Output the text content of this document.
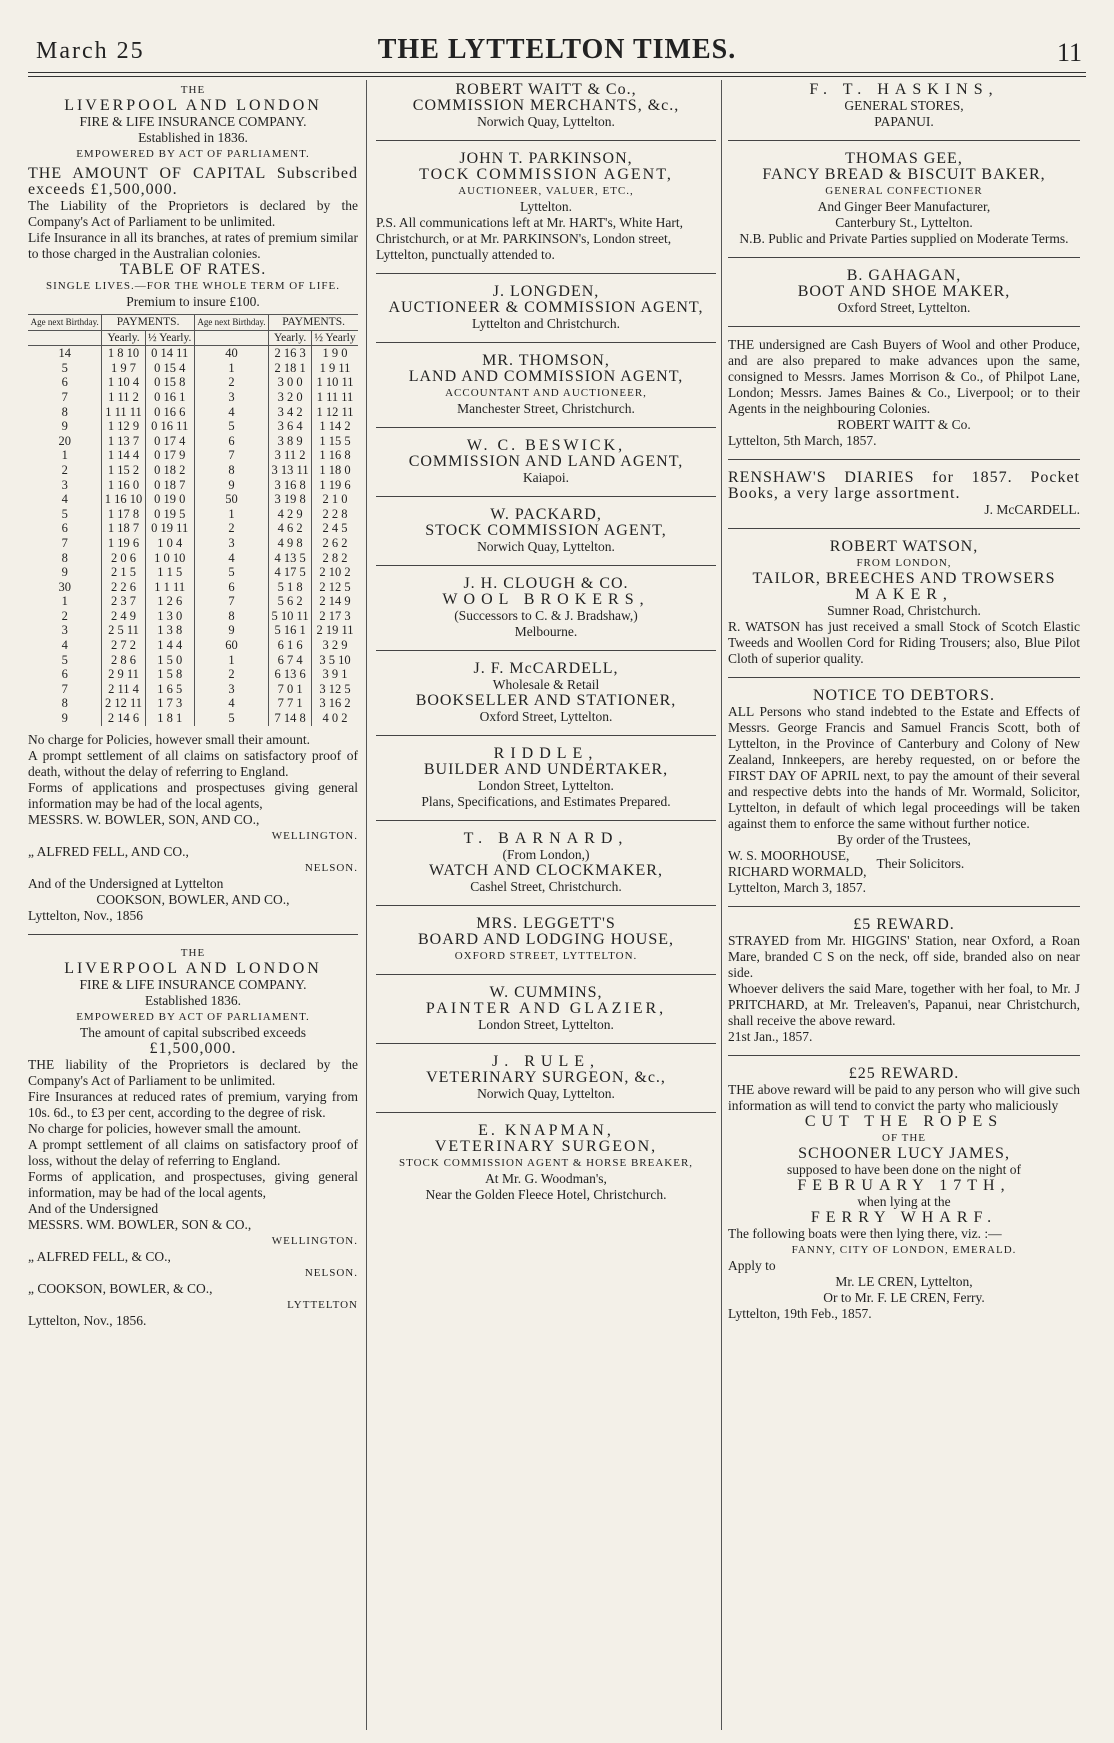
March 25	THE LYTTELTON TIMES.	11

THE

LIVERPOOL AND LONDON

FIRE & LIFE INSURANCE COMPANY.

Established in 1836.

EMPOWERED BY ACT OF PARLIAMENT.

THE AMOUNT OF CAPITAL Subscribed exceeds £1,500,000.

The Liability of the Proprietors is declared by the Company's Act of Parliament to be unlimited.

Life Insurance in all its branches, at rates of premium similar to those charged in the Australian colonies.

TABLE OF RATES.

SINGLE LIVES.—FOR THE WHOLE TERM OF LIFE.

Premium to insure £100.

Age next Birthday.	PAYMENTS.		Age next Birthday.	PAYMENTS.	
	Yearly.	½ Yearly.		Yearly.	½ Yearly
14	1 8 10	0 14 11	40	2 16 3	1 9 0
5	1 9 7	0 15 4	1	2 18 1	1 9 11
6	1 10 4	0 15 8	2	3 0 0	1 10 11
7	1 11 2	0 16 1	3	3 2 0	1 11 11
8	1 11 11	0 16 6	4	3 4 2	1 12 11
9	1 12 9	0 16 11	5	3 6 4	1 14 2
20	1 13 7	0 17 4	6	3 8 9	1 15 5
1	1 14 4	0 17 9	7	3 11 2	1 16 8
2	1 15 2	0 18 2	8	3 13 11	1 18 0
3	1 16 0	0 18 7	9	3 16 8	1 19 6
4	1 16 10	0 19 0	50	3 19 8	2 1 0
5	1 17 8	0 19 5	1	4 2 9	2 2 8
6	1 18 7	0 19 11	2	4 6 2	2 4 5
7	1 19 6	1 0 4	3	4 9 8	2 6 2
8	2 0 6	1 0 10	4	4 13 5	2 8 2
9	2 1 5	1 1 5	5	4 17 5	2 10 2
30	2 2 6	1 1 11	6	5 1 8	2 12 5
1	2 3 7	1 2 6	7	5 6 2	2 14 9
2	2 4 9	1 3 0	8	5 10 11	2 17 3
3	2 5 11	1 3 8	9	5 16 1	2 19 11
4	2 7 2	1 4 4	60	6 1 6	3 2 9
5	2 8 6	1 5 0	1	6 7 4	3 5 10
6	2 9 11	1 5 8	2	6 13 6	3 9 1
7	2 11 4	1 6 5	3	7 0 1	3 12 5
8	2 12 11	1 7 3	4	7 7 1	3 16 2
9	2 14 6	1 8 1	5	7 14 8	4 0 2

No charge for Policies, however small their amount.

A prompt settlement of all claims on satisfactory proof of death, without the delay of referring to England.

Forms of applications and prospectuses giving general information may be had of the local agents,

MESSRS. W. BOWLER, SON, AND CO.,

WELLINGTON.

„ ALFRED FELL, AND CO.,

NELSON.

And of the Undersigned at Lyttelton

COOKSON, BOWLER, AND CO.,

Lyttelton, Nov., 1856

THE

LIVERPOOL AND LONDON

FIRE & LIFE INSURANCE COMPANY.

Established 1836.

EMPOWERED BY ACT OF PARLIAMENT.

The amount of capital subscribed exceeds

£1,500,000.

THE liability of the Proprietors is declared by the Company's Act of Parliament to be unlimited.

Fire Insurances at reduced rates of premium, varying from 10s. 6d., to £3 per cent, according to the degree of risk.

No charge for policies, however small the amount.

A prompt settlement of all claims on satisfactory proof of loss, without the delay of referring to England.

Forms of application, and prospectuses, giving general information, may be had of the local agents,

And of the Undersigned

MESSRS. WM. BOWLER, SON & CO.,

WELLINGTON.

„ ALFRED FELL, & CO.,

NELSON.

„ COOKSON, BOWLER, & CO.,

LYTTELTON

Lyttelton, Nov., 1856.

ROBERT WAITT & Co.,

COMMISSION MERCHANTS, &c.,

Norwich Quay, Lyttelton.

JOHN T. PARKINSON,

TOCK COMMISSION AGENT,

AUCTIONEER, VALUER, ETC.,

Lyttelton.

P.S. All communications left at Mr. HART's, White Hart, Christchurch, or at Mr. PARKINSON's, London street, Lyttelton, punctually attended to.

J. LONGDEN,

AUCTIONEER & COMMISSION AGENT,

Lyttelton and Christchurch.

MR. THOMSON,

LAND AND COMMISSION AGENT,

ACCOUNTANT AND AUCTIONEER,

Manchester Street, Christchurch.

W. C. BESWICK,

COMMISSION AND LAND AGENT,

Kaiapoi.

W. PACKARD,

STOCK COMMISSION AGENT,

Norwich Quay, Lyttelton.

J. H. CLOUGH & CO.

WOOL BROKERS,

(Successors to C. & J. Bradshaw,)

Melbourne.

J. F. McCARDELL,

Wholesale & Retail

BOOKSELLER AND STATIONER,

Oxford Street, Lyttelton.

RIDDLE,

BUILDER AND UNDERTAKER,

London Street, Lyttelton.

Plans, Specifications, and Estimates Prepared.

T. BARNARD,

(From London,)

WATCH AND CLOCKMAKER,

Cashel Street, Christchurch.

MRS. LEGGETT'S

BOARD AND LODGING HOUSE,

OXFORD STREET, LYTTELTON.

W. CUMMINS,

PAINTER AND GLAZIER,

London Street, Lyttelton.

J. RULE,

VETERINARY SURGEON, &c.,

Norwich Quay, Lyttelton.

E. KNAPMAN,

VETERINARY SURGEON,

STOCK COMMISSION AGENT & HORSE BREAKER,

At Mr. G. Woodman's,

Near the Golden Fleece Hotel, Christchurch.

F. T. HASKINS,

GENERAL STORES,

PAPANUI.

THOMAS GEE,

FANCY BREAD & BISCUIT BAKER,

GENERAL CONFECTIONER

And Ginger Beer Manufacturer,

Canterbury St., Lyttelton.

N.B. Public and Private Parties supplied on Moderate Terms.

B. GAHAGAN,

BOOT AND SHOE MAKER,

Oxford Street, Lyttelton.

THE undersigned are Cash Buyers of Wool and other Produce, and are also prepared to make advances upon the same, consigned to Messrs. James Morrison & Co., of Philpot Lane, London; Messrs. James Baines & Co., Liverpool; or to their Agents in the neighbouring Colonies.

ROBERT WAITT & Co.

Lyttelton, 5th March, 1857.

RENSHAW'S DIARIES for 1857. Pocket Books, a very large assortment.

J. McCARDELL.

ROBERT WATSON,

FROM LONDON,

TAILOR, BREECHES AND TROWSERS

MAKER,

Sumner Road, Christchurch.

R. WATSON has just received a small Stock of Scotch Elastic Tweeds and Woollen Cord for Riding Trousers; also, Blue Pilot Cloth of superior quality.

NOTICE TO DEBTORS.

ALL Persons who stand indebted to the Estate and Effects of Messrs. George Francis and Samuel Francis Scott, both of Lyttelton, in the Province of Canterbury and Colony of New Zealand, Innkeepers, are hereby requested, on or before the FIRST DAY OF APRIL next, to pay the amount of their several and respective debts into the hands of Mr. Wormald, Solicitor, Lyttelton, in default of which legal proceedings will be taken against them to enforce the same without further notice.

By order of the Trustees,

W. S. MOORHOUSE,

RICHARD WORMALD,

Their Solicitors.

Lyttelton, March 3, 1857.

£5 REWARD.

STRAYED from Mr. HIGGINS' Station, near Oxford, a Roan Mare, branded C S on the neck, off side, branded also on near side.

Whoever delivers the said Mare, together with her foal, to Mr. J PRITCHARD, at Mr. Treleaven's, Papanui, near Christchurch, shall receive the above reward.

21st Jan., 1857.

£25 REWARD.

THE above reward will be paid to any person who will give such information as will tend to convict the party who maliciously

CUT THE ROPES

OF THE

SCHOONER LUCY JAMES,

supposed to have been done on the night of

FEBRUARY 17TH,

when lying at the

FERRY WHARF.

The following boats were then lying there, viz. :—

FANNY, CITY OF LONDON, EMERALD.

Apply to

Mr. LE CREN, Lyttelton,

Or to Mr. F. LE CREN, Ferry.

Lyttelton, 19th Feb., 1857.
